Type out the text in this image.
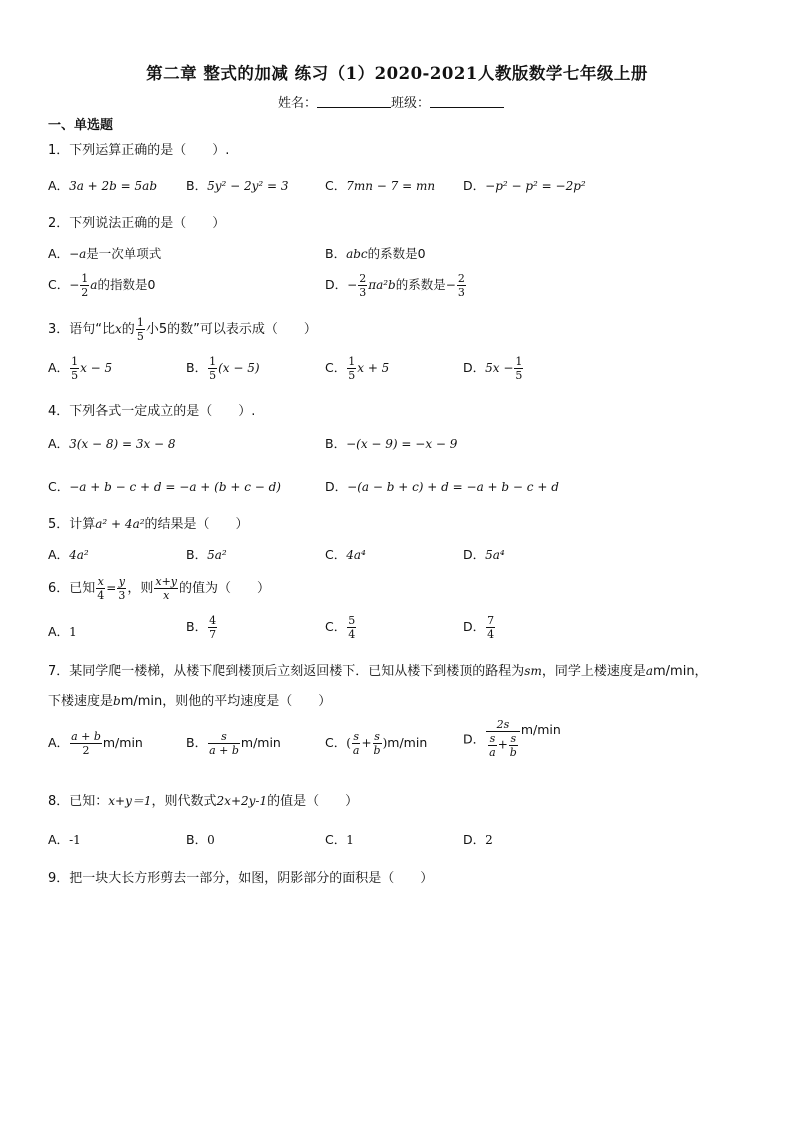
第二章 整式的加减 练习（1）2020-2021人教版数学七年级上册
姓名：	班级：
一、单选题
1．下列运算正确的是（　　）.
A．3a + 2b = 5ab B．5y² − 2y² = 3	C．7mn − 7 = mn D．−p² − p² = −2p²
2．下列说法正确的是（　　）
A．−a是一次单项式	B．abc的系数是0
C．− $\frac{1}{2}$ a的指数是0	D．− $\frac{2}{3} \pi a^2b$的系数是− $\frac{2}{3}$
3．语句“比x的 $\frac{1}{5}$ 小5的数”可以表示成（　　）
A． $\frac{1}{5}$ x − 5	B． $\frac{1}{5} (x - 5)$	C． $\frac{1}{5}$ x + 5	D．$5x - \frac{1}{5}$
4．下列各式一定成立的是（　　）.
A．3(x − 8) = 3x − 8	B．−(x − 9) = −x − 9
C．−a + b − c + d = −a + (b + c − d)	D．−(a − b + c) + d = −a + b − c + d
5．计算a² + 4a²的结果是（　　）
A．4a²	B．5a²	C．4a⁴	D．5a⁴
6．已知 $\frac{x}{4} = \frac{y}{3}$ ，则 $\frac{x+y}{x}$ 的值为（　　）
A．1	B． $\frac{4}{7}$	C． $\frac{5}{4}$	D． $\frac{7}{4}$
7．某同学爬一楼梯，从楼下爬到楼顶后立刻返回楼下．已知从楼下到楼顶的路程为sm，同学上楼速度是am/min，
下楼速度是bm/min，则他的平均速度是（　　）
A． $\frac{a + b}{2} m/\min$	B． $\frac{s}{a + b} m/\min$	C．( $\frac{s}{a} + \frac{s}{b} )m/\min$	D． $\frac{2s}{\frac{s}{a} + \frac{s}{b}} m/\min$
8．已知：x+y＝1，则代数式2x+2y-1的值是（　　）
A．-1	B．0	C．1	D．2
9．把一块大长方形剪去一部分，如图，阴影部分的面积是（　　）
